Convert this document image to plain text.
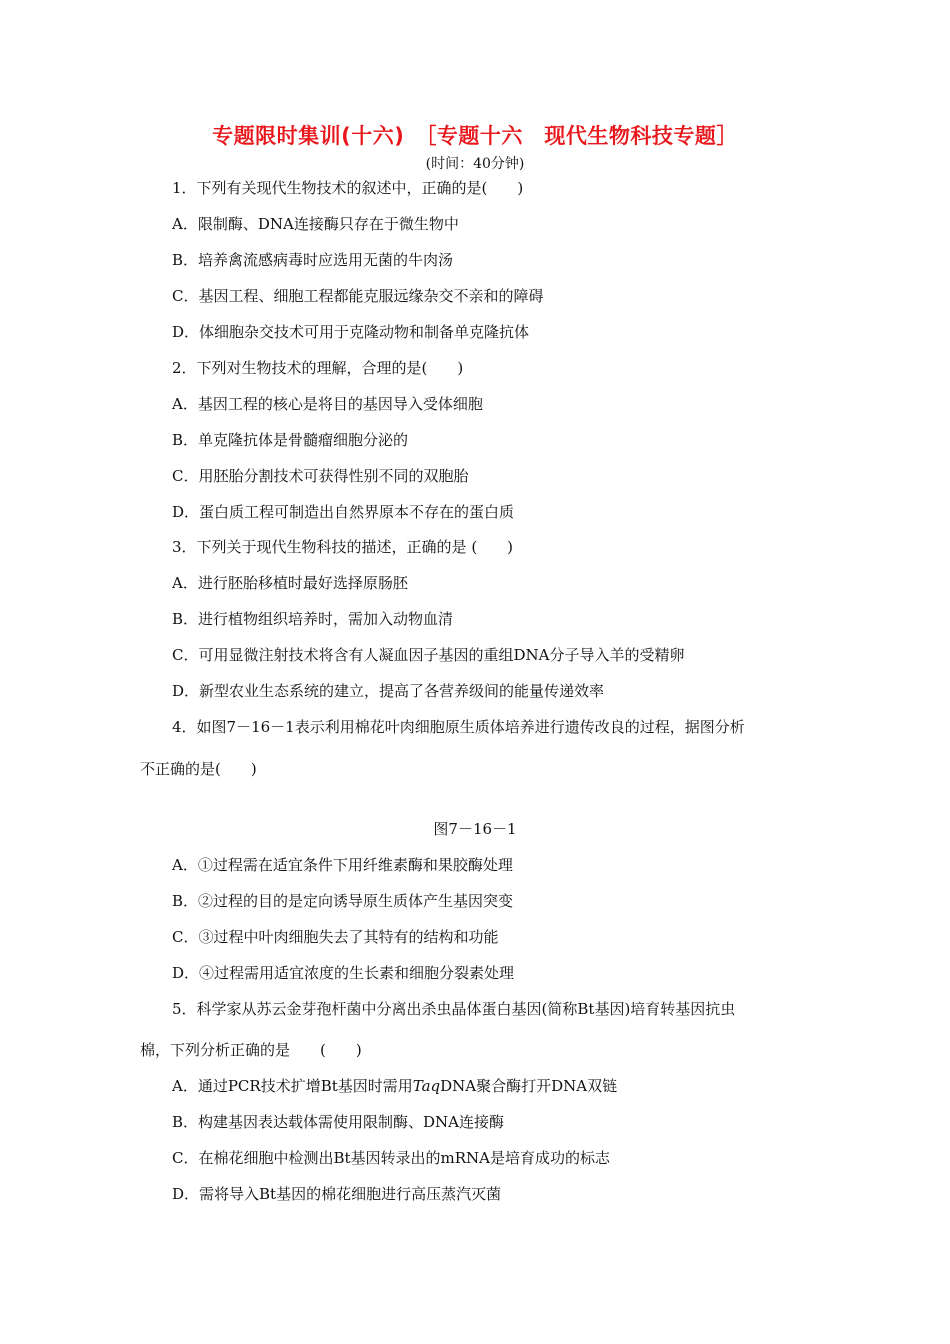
专题限时集训(十六)　［专题十六　现代生物科技专题］
(时间：40分钟)
1．下列有关现代生物技术的叙述中，正确的是(　　)
A．限制酶、DNA连接酶只存在于微生物中
B．培养禽流感病毒时应选用无菌的牛肉汤
C．基因工程、细胞工程都能克服远缘杂交不亲和的障碍
D．体细胞杂交技术可用于克隆动物和制备单克隆抗体
2．下列对生物技术的理解，合理的是(　　)
A．基因工程的核心是将目的基因导入受体细胞
B．单克隆抗体是骨髓瘤细胞分泌的
C．用胚胎分割技术可获得性别不同的双胞胎
D．蛋白质工程可制造出自然界原本不存在的蛋白质
3．下列关于现代生物科技的描述，正确的是 (　　)
A．进行胚胎移植时最好选择原肠胚
B．进行植物组织培养时，需加入动物血清
C．可用显微注射技术将含有人凝血因子基因的重组DNA分子导入羊的受精卵
D．新型农业生态系统的建立，提高了各营养级间的能量传递效率
4．如图7－16－1表示利用棉花叶肉细胞原生质体培养进行遗传改良的过程，据图分析
不正确的是(　　)
图7－16－1
A．①过程需在适宜条件下用纤维素酶和果胶酶处理
B．②过程的目的是定向诱导原生质体产生基因突变
C．③过程中叶肉细胞失去了其特有的结构和功能
D．④过程需用适宜浓度的生长素和细胞分裂素处理
5．科学家从苏云金芽孢杆菌中分离出杀虫晶体蛋白基因(简称Bt基因)培育转基因抗虫
棉，下列分析正确的是　　(　　)
A．通过PCR技术扩增Bt基因时需用TaqDNA聚合酶打开DNA双链
B．构建基因表达载体需使用限制酶、DNA连接酶
C．在棉花细胞中检测出Bt基因转录出的mRNA是培育成功的标志
D．需将导入Bt基因的棉花细胞进行高压蒸汽灭菌
